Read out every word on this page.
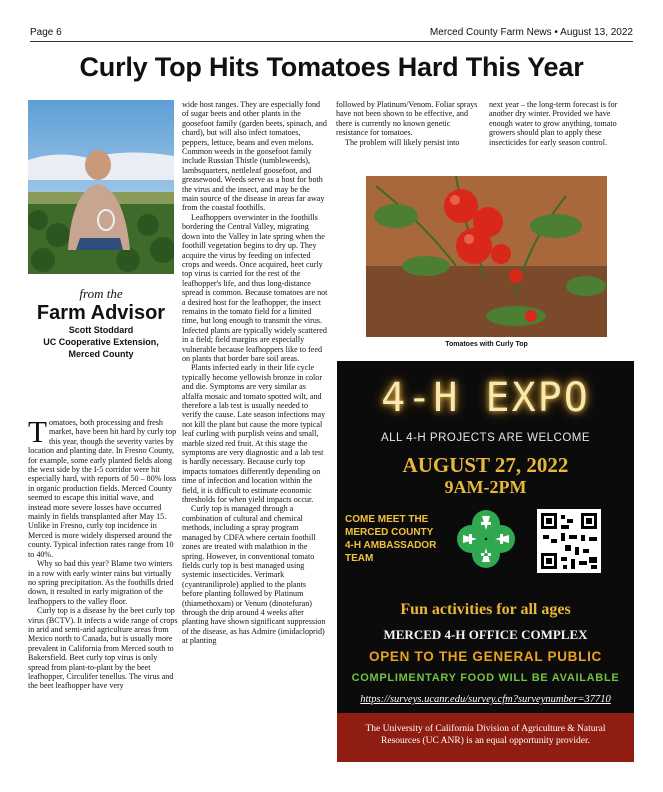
Page 6	Merced County Farm News • August 13, 2022
Curly Top Hits Tomatoes Hard This Year
from the
Farm Advisor
Scott Stoddard
UC Cooperative Extension,
Merced County

Tomatoes, both processing and fresh market, have been hit hard by curly top this year, though the severity varies by location and planting date. In Fresno County, for example, some early planted fields along the west side by the I-5 corridor were hit especially hard, with reports of 50 – 80% loss in organic production fields. Merced County seemed to escape this initial wave, and instead more severe losses have occurred mainly in fields transplanted after May 15. Unlike in Fresno, curly top incidence in Merced is more widely dispersed around the county. Typical infection rates range from 10 to 40%.

Why so bad this year? Blame two winters in a row with early winter rains but virtually no spring precipitation. As the foothills dried down, it resulted in early migration of the leafhoppers to the valley floor.

Curly top is a disease by the beet curly top virus (BCTV). It infects a wide range of crops in arid and semi-arid agriculture areas from Mexico north to Canada, but is usually more prevalent in California from Merced south to Bakersfield. Beet curly top virus is only spread from plant-to-plant by the beet leafhopper, Circulifer tenellus. The virus and the beet leafhopper have very

wide host ranges. They are especially fond of sugar beets and other plants in the goosefoot family (garden beets, spinach, and chard), but will also infect tomatoes, peppers, lettuce, beans and even melons. Common weeds in the goosefoot family include Russian Thistle (tumbleweeds), lambsquarters, nettleleaf goosefoot, and greasewood. Weeds serve as a host for both the virus and the insect, and may be the main source of the disease in areas far away from the coastal foothills.

Leafhoppers overwinter in the foothills bordering the Central Valley, migrating down into the Valley in late spring when the foothill vegetation begins to dry up. They acquire the virus by feeding on infected crops and weeds. Once acquired, beet curly top virus is carried for the rest of the leafhopper's life, and thus long-distance spread is common. Because tomatoes are not a desired host for the leafhopper, the insect remains in the tomato field for a limited time, but long enough to transmit the virus. Infected plants are typically widely scattered in a field; field margins are especially vulnerable because leafhoppers like to feed on plants that border bare soil areas.

Plants infected early in their life cycle typically become yellowish bronze in color and die. Symptoms are very similar as alfalfa mosaic and tomato spotted wilt, and therefore a lab test is usually needed to verify the cause. Late season infections may not kill the plant but cause the more typical leaf curling with purplish veins and small, marble sized red fruit. At this stage the symptoms are very diagnostic and a lab test is hardly necessary. Because curly top impacts tomatoes differently depending on time of infection and location within the field, it is difficult to estimate economic thresholds for when yield impacts occur.

Curly top is managed through a combination of cultural and chemical methods, including a spray program managed by CDFA where certain foothill zones are treated with malathion in the spring. However, in conventional tomato fields curly top is best managed using systemic insecticides. Verimark (cyantraniliprole) applied to the plants before planting followed by Platinum (thiamethoxam) or Venum (dinotefuran) through the drip around 4 weeks after planting have shown significant suppression of the disease, as has Admire (imidacloprid) at planting

followed by Platinum/Venom. Foliar sprays have not been shown to be effective, and there is currently no known genetic resistance for tomatoes.

The problem will likely persist into

next year – the long-term forecast is for another dry winter. Provided we have enough water to grow anything, tomato growers should plan to apply these insecticides for early season control.

Tomatoes with Curly Top
4-H EXPO
ALL 4-H PROJECTS ARE WELCOME
AUGUST 27, 2022
9AM-2PM
COME MEET THE
MERCED COUNTY
4-H AMBASSADOR
TEAM
Fun activities for all ages
MERCED 4-H OFFICE COMPLEX
OPEN TO THE GENERAL PUBLIC
COMPLIMENTARY FOOD WILL BE AVAILABLE
https://surveys.ucanr.edu/survey.cfm?surveynumber=37710
The University of California Division of Agriculture & Natural Resources (UC ANR) is an equal opportunity provider.
